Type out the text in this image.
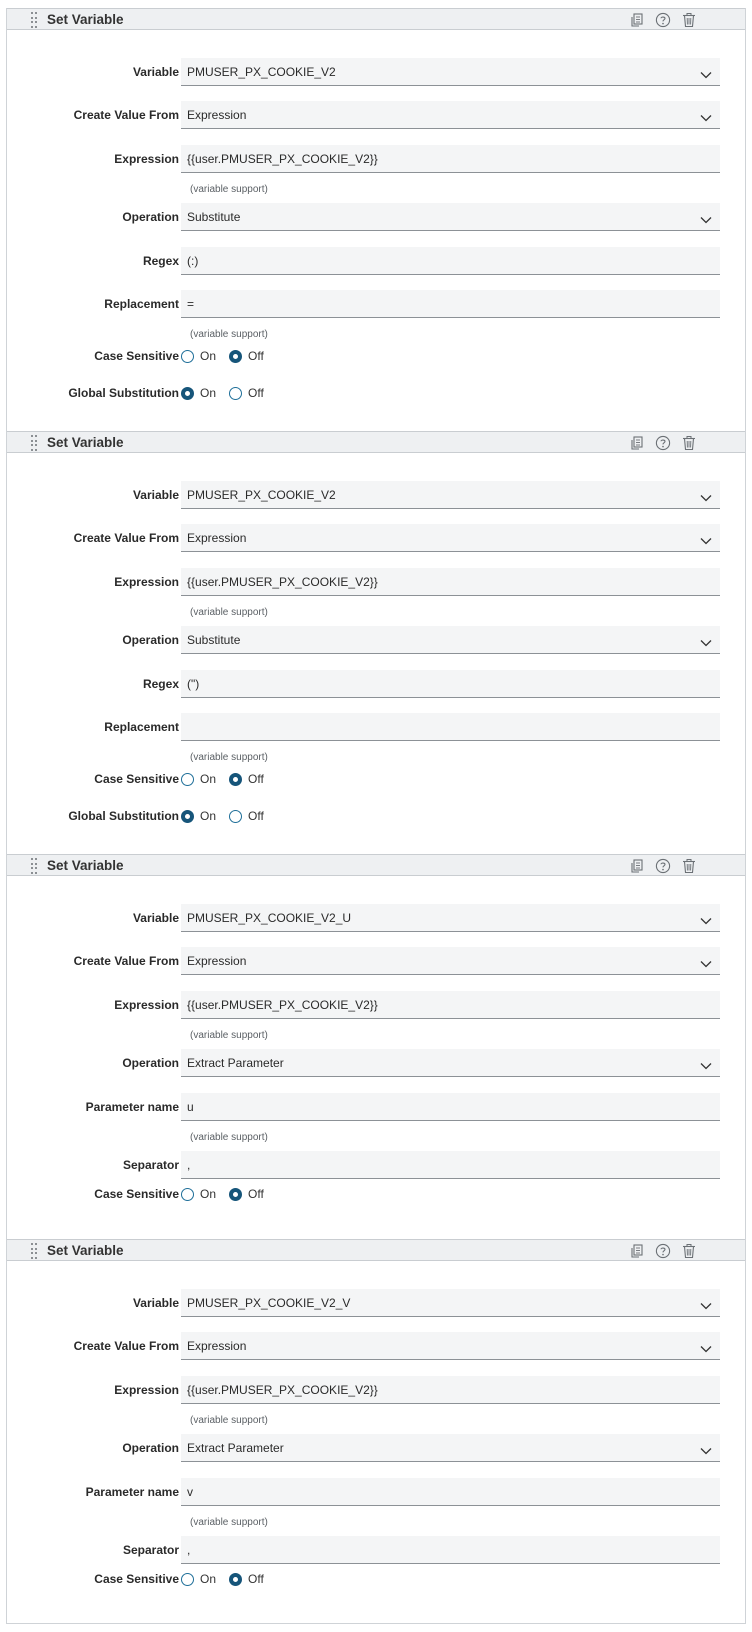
Set Variable
Variable PMUSER_PX_COOKIE_V2
Create Value From Expression
Expression {{user.PMUSER_PX_COOKIE_V2}}
(variable support)
Operation Substitute
Regex (:)
Replacement =
(variable support)
Case Sensitive On	Off
Global Substitution On	Off
Set Variable
Variable PMUSER_PX_COOKIE_V2
Create Value From Expression
Expression {{user.PMUSER_PX_COOKIE_V2}}
(variable support)
Operation Substitute
Regex (")
Replacement
(variable support)
Case Sensitive On	Off
Global Substitution On	Off
Set Variable
Variable PMUSER_PX_COOKIE_V2_U
Create Value From Expression
Expression {{user.PMUSER_PX_COOKIE_V2}}
(variable support)
Operation Extract Parameter
Parameter name u
(variable support)
Separator ,
Case Sensitive On	Off
Set Variable
Variable PMUSER_PX_COOKIE_V2_V
Create Value From Expression
Expression {{user.PMUSER_PX_COOKIE_V2}}
(variable support)
Operation Extract Parameter
Parameter name v
(variable support)
Separator ,
Case Sensitive On	Off
